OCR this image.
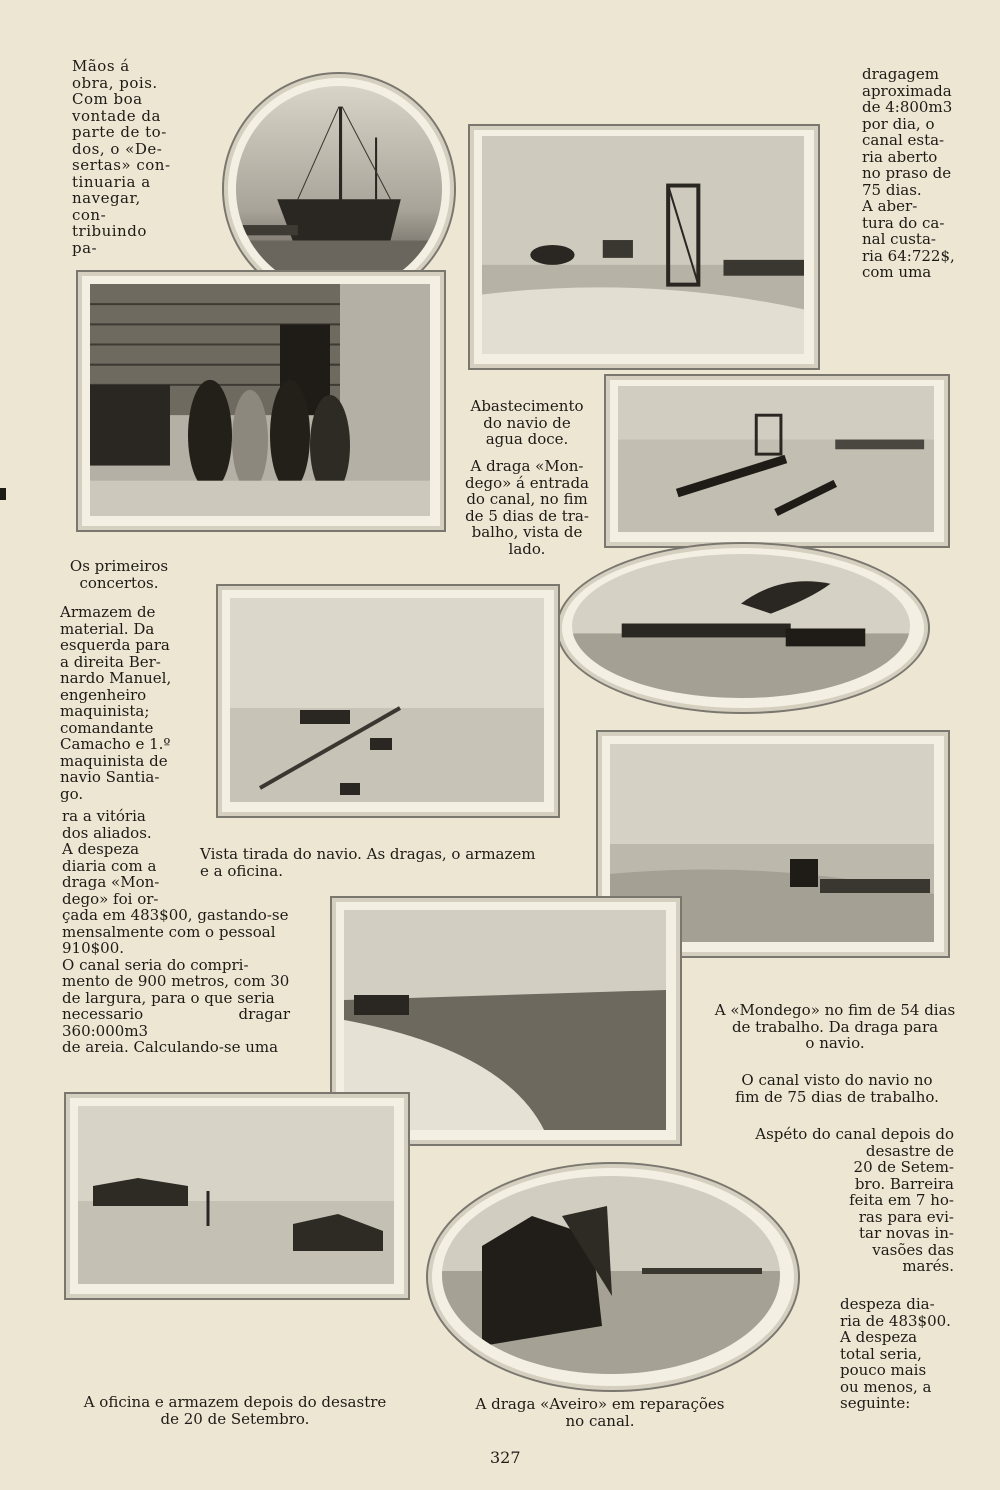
Mãos á
obra, pois.
Com boa
vontade da
parte de to-
dos, o «De-
sertas» con-
tinuaria a
navegar, con-
tribuindo pa-
dragagem
aproximada
de 4:800m3
por dia, o
canal esta-
ria aberto
no praso de
75 dias.
A aber-
tura do ca-
nal custa-
ria 64:722$,
com uma
ra a vitória
dos aliados.
A despeza
diaria com a
draga «Mon-
dego» foi or-
çada em 483$00, gastando-se
mensalmente com o pessoal
910$00.
O canal seria do compri-
mento de 900 metros, com 30
de largura, para o que seria
necessario dragar 360:000m3
de areia. Calculando-se uma
despeza dia-
ria de 483$00.
A despeza
total seria,
pouco mais
ou menos, a
seguinte:
Abastecimento
do navio de
agua doce.
A draga «Mon-
dego» á entrada
do canal, no fim
de 5 dias de tra-
balho, vista de
lado.
Os primeiros
concertos.
Armazem de
material. Da
esquerda para
a direita Ber-
nardo Manuel,
engenheiro
maquinista;
comandante
Camacho e 1.º
maquinista de
navio Santia-
go.
Vista tirada do navio. As dragas, o armazem
e a oficina.
A «Mondego» no fim de 54 dias
de trabalho. Da draga para
o navio.
O canal visto do navio no
fim de 75 dias de trabalho.
Aspéto do canal depois do
desastre de
20 de Setem-
bro. Barreira
feita em 7 ho-
ras para evi-
tar novas in-
vasões das
marés.
A oficina e armazem depois do desastre
de 20 de Setembro.
A draga «Aveiro» em reparações
no canal.
327
